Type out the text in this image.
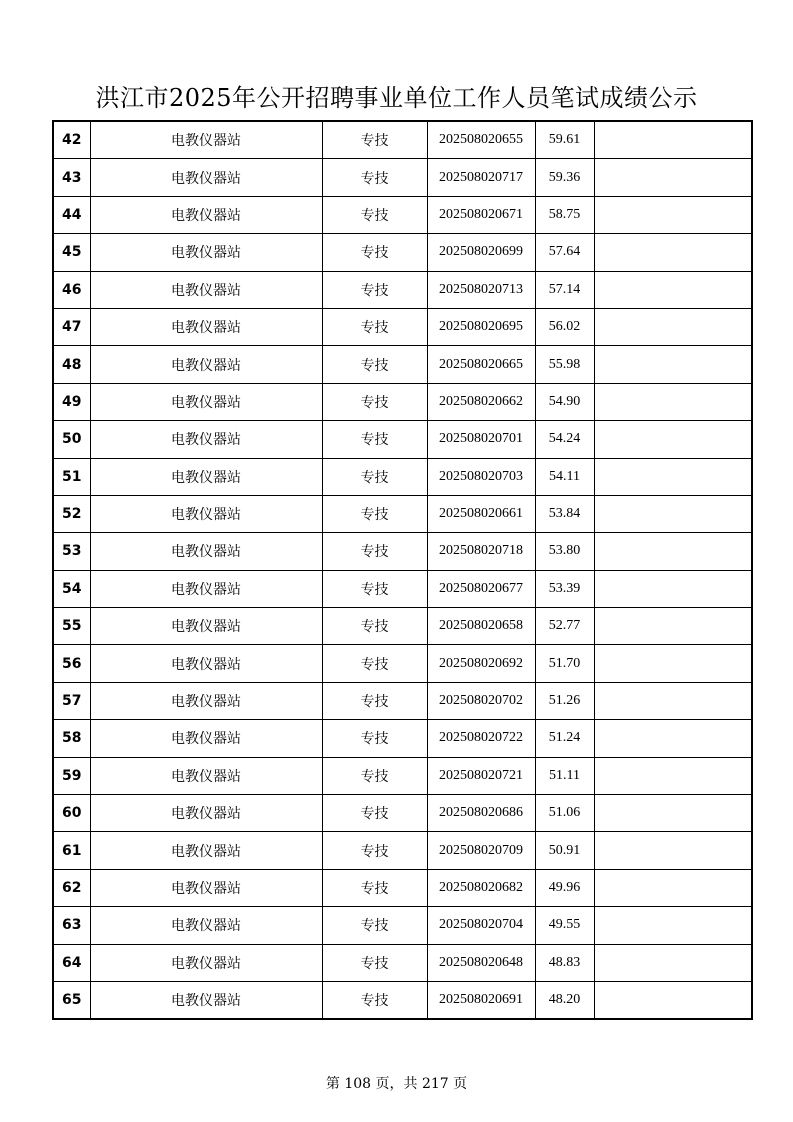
洪江市2025年公开招聘事业单位工作人员笔试成绩公示
42	电教仪器站	专技	202508020655	59.61	
43	电教仪器站	专技	202508020717	59.36	
44	电教仪器站	专技	202508020671	58.75	
45	电教仪器站	专技	202508020699	57.64	
46	电教仪器站	专技	202508020713	57.14	
47	电教仪器站	专技	202508020695	56.02	
48	电教仪器站	专技	202508020665	55.98	
49	电教仪器站	专技	202508020662	54.90	
50	电教仪器站	专技	202508020701	54.24	
51	电教仪器站	专技	202508020703	54.11	
52	电教仪器站	专技	202508020661	53.84	
53	电教仪器站	专技	202508020718	53.80	
54	电教仪器站	专技	202508020677	53.39	
55	电教仪器站	专技	202508020658	52.77	
56	电教仪器站	专技	202508020692	51.70	
57	电教仪器站	专技	202508020702	51.26	
58	电教仪器站	专技	202508020722	51.24	
59	电教仪器站	专技	202508020721	51.11	
60	电教仪器站	专技	202508020686	51.06	
61	电教仪器站	专技	202508020709	50.91	
62	电教仪器站	专技	202508020682	49.96	
63	电教仪器站	专技	202508020704	49.55	
64	电教仪器站	专技	202508020648	48.83	
65	电教仪器站	专技	202508020691	48.20	
第 108 页，共 217 页
